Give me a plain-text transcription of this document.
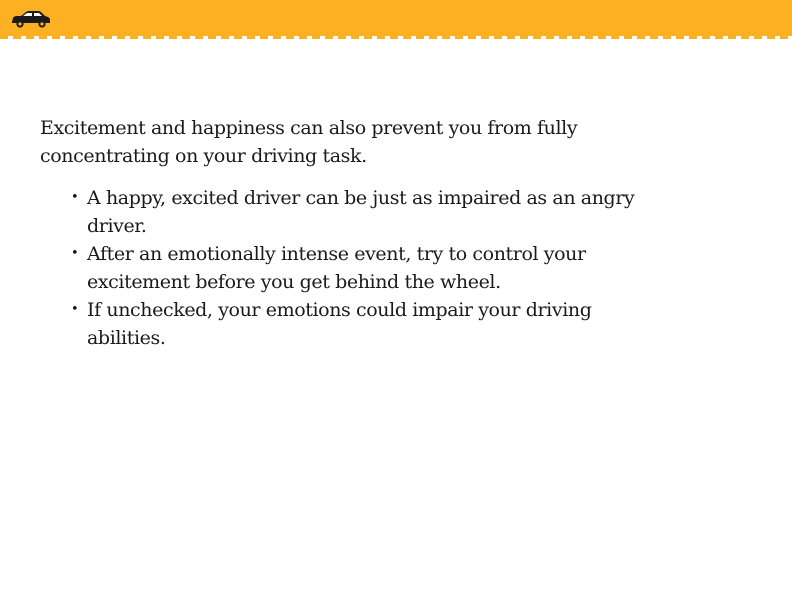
Excitement and happiness can also prevent you from fully concentrating on your driving task.

• A happy, excited driver can be just as impaired as an angry driver.
• After an emotionally intense event, try to control your excitement before you get behind the wheel.
• If unchecked, your emotions could impair your driving abilities.
